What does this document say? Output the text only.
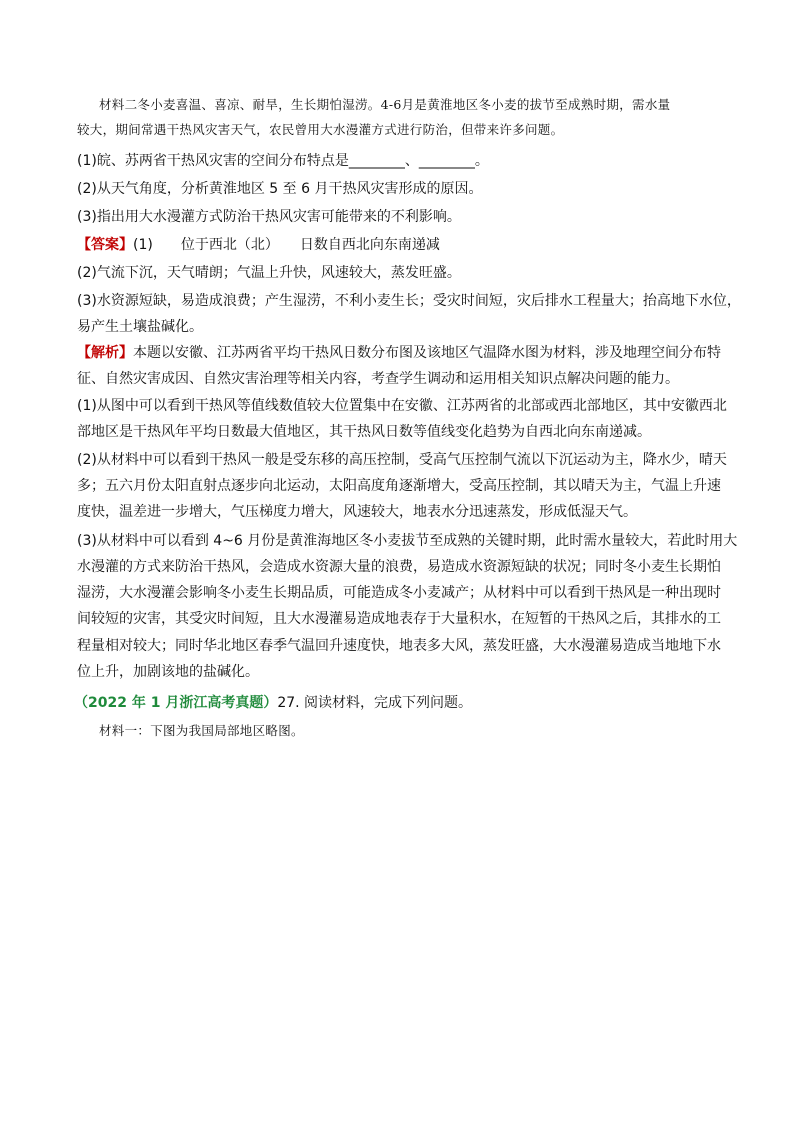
材料二冬小麦喜温、喜凉、耐旱，生长期怕湿涝。4-6月是黄淮地区冬小麦的拔节至成熟时期，需水量
较大，期间常遇干热风灾害天气，农民曾用大水漫灌方式进行防治，但带来许多问题。
(1)皖、苏两省干热风灾害的空间分布特点是________、________。
(2)从天气角度，分析黄淮地区 5 至 6 月干热风灾害形成的原因。
(3)指出用大水漫灌方式防治干热风灾害可能带来的不利影响。
【答案】(1)　　位于西北（北）　　日数自西北向东南递减
(2)气流下沉，天气晴朗；气温上升快，风速较大，蒸发旺盛。
(3)水资源短缺，易造成浪费；产生湿涝，不利小麦生长；受灾时间短，灾后排水工程量大；抬高地下水位，
易产生土壤盐碱化。
【解析】本题以安徽、江苏两省平均干热风日数分布图及该地区气温降水图为材料，涉及地理空间分布特
征、自然灾害成因、自然灾害治理等相关内容，考查学生调动和运用相关知识点解决问题的能力。
(1)从图中可以看到干热风等值线数值较大位置集中在安徽、江苏两省的北部或西北部地区，其中安徽西北
部地区是干热风年平均日数最大值地区，其干热风日数等值线变化趋势为自西北向东南递减。
(2)从材料中可以看到干热风一般是受东移的高压控制，受高气压控制气流以下沉运动为主，降水少，晴天
多；五六月份太阳直射点逐步向北运动，太阳高度角逐渐增大，受高压控制，其以晴天为主，气温上升速
度快，温差进一步增大，气压梯度力增大，风速较大，地表水分迅速蒸发，形成低湿天气。
(3)从材料中可以看到 4~6 月份是黄淮海地区冬小麦拔节至成熟的关键时期，此时需水量较大，若此时用大
水漫灌的方式来防治干热风，会造成水资源大量的浪费，易造成水资源短缺的状况；同时冬小麦生长期怕
湿涝，大水漫灌会影响冬小麦生长期品质，可能造成冬小麦减产；从材料中可以看到干热风是一种出现时
间较短的灾害，其受灾时间短，且大水漫灌易造成地表存于大量积水，在短暂的干热风之后，其排水的工
程量相对较大；同时华北地区春季气温回升速度快，地表多大风，蒸发旺盛，大水漫灌易造成当地地下水
位上升，加剧该地的盐碱化。
（2022 年 1 月浙江高考真题）27. 阅读材料，完成下列问题。
材料一：下图为我国局部地区略图。
